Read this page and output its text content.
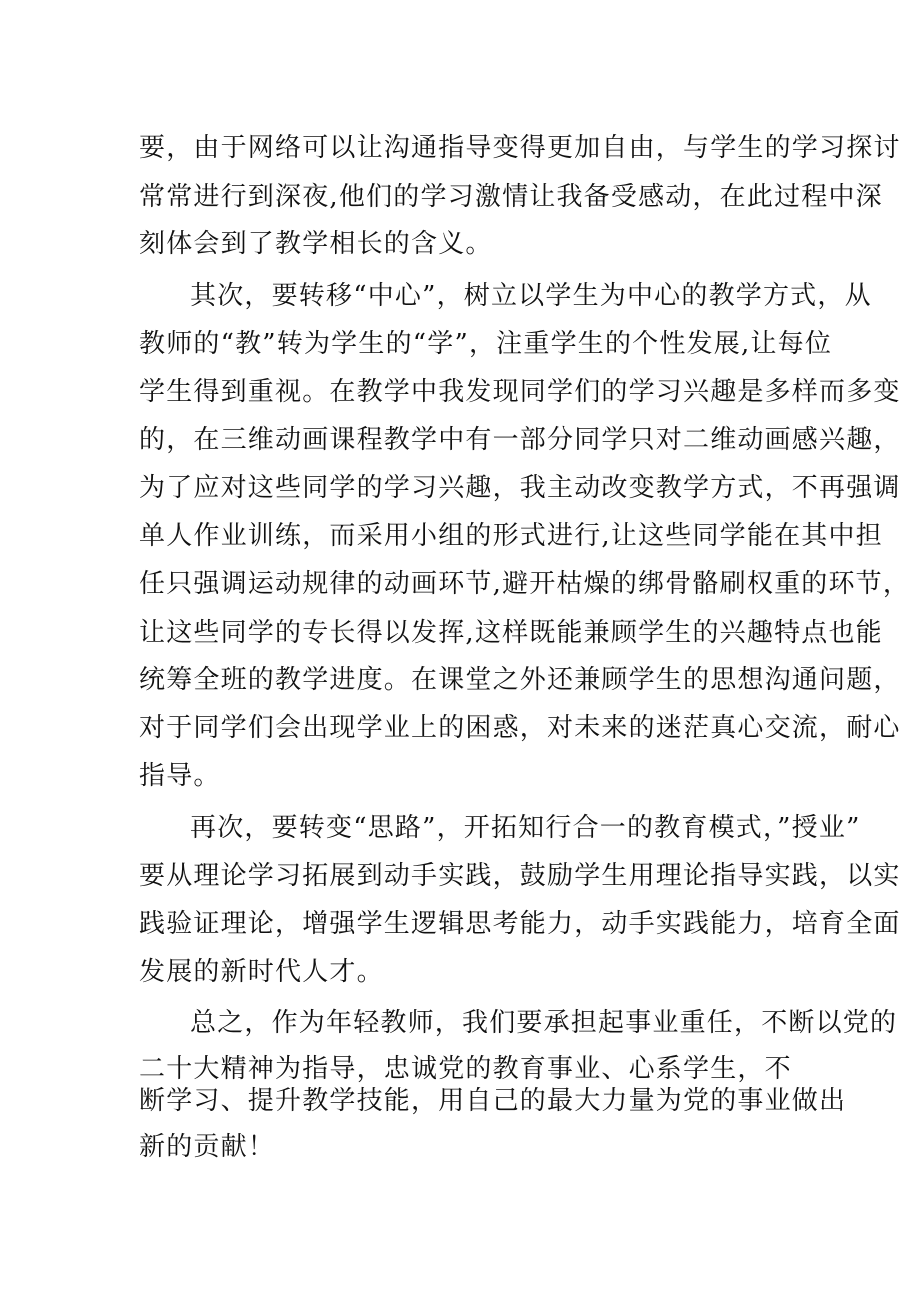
要，由于网络可以让沟通指导变得更加自由，与学生的学习探讨

常常进行到深夜,他们的学习激情让我备受感动，在此过程中深

刻体会到了教学相长的含义。

其次，要转移“中心”，树立以学生为中心的教学方式，从

教师的“教”转为学生的“学”，注重学生的个性发展,让每位

学生得到重视。在教学中我发现同学们的学习兴趣是多样而多变

的，在三维动画课程教学中有一部分同学只对二维动画感兴趣，

为了应对这些同学的学习兴趣，我主动改变教学方式，不再强调

单人作业训练，而采用小组的形式进行,让这些同学能在其中担

任只强调运动规律的动画环节,避开枯燥的绑骨骼刷权重的环节，

让这些同学的专长得以发挥,这样既能兼顾学生的兴趣特点也能

统筹全班的教学进度。在课堂之外还兼顾学生的思想沟通问题，

对于同学们会出现学业上的困惑，对未来的迷茫真心交流，耐心

指导。

再次，要转变“思路”，开拓知行合一的教育模式，”授业”

要从理论学习拓展到动手实践，鼓励学生用理论指导实践，以实

践验证理论，增强学生逻辑思考能力，动手实践能力，培育全面

发展的新时代人才。

总之，作为年轻教师，我们要承担起事业重任，不断以党的

二十大精神为指导，忠诚党的教育事业、心系学生，不

断学习、提升教学技能，用自己的最大力量为党的事业做出

新的贡献！
